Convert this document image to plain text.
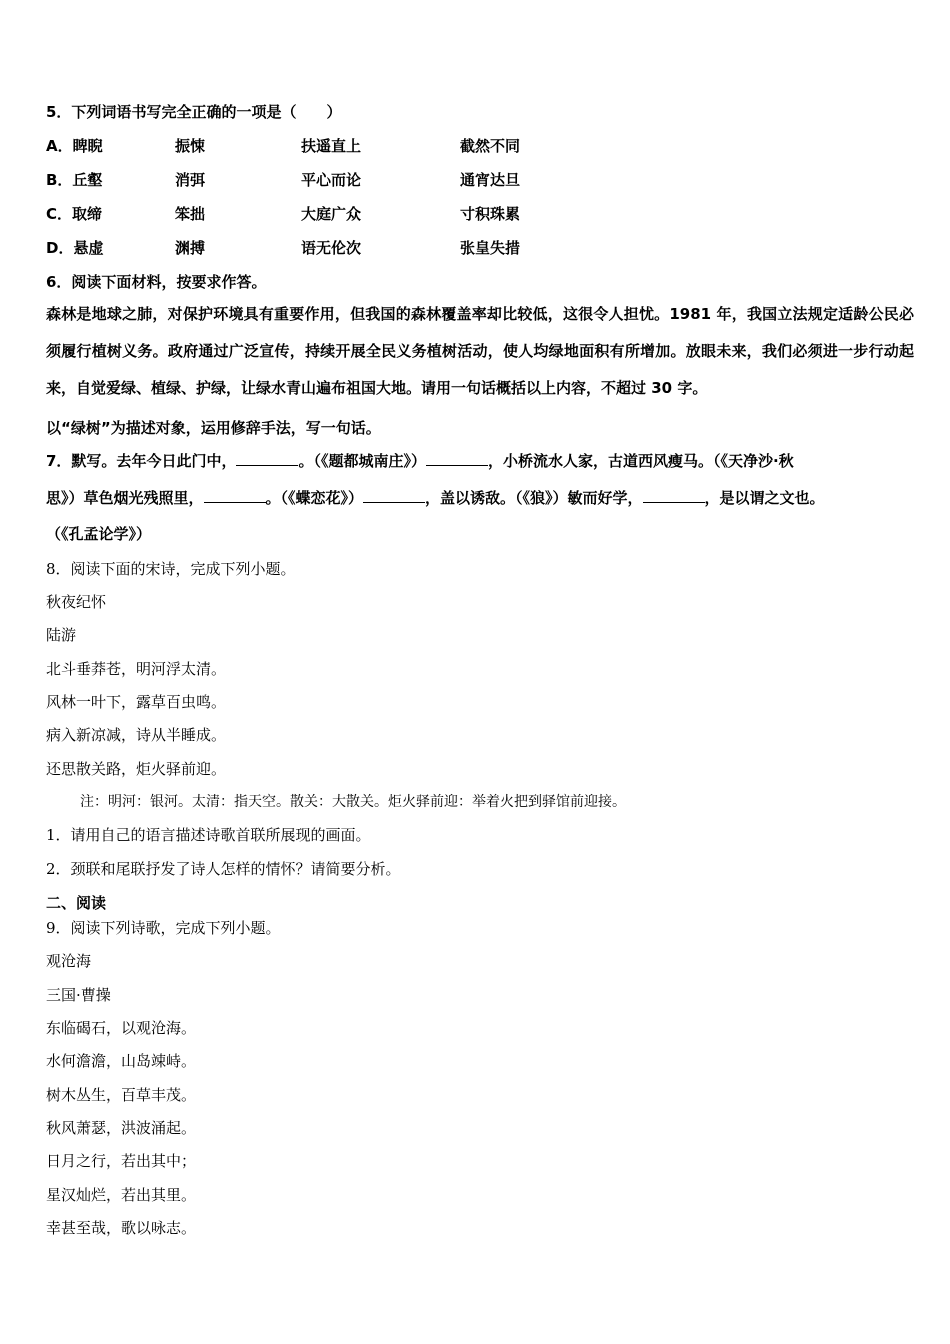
5．下列词语书写完全正确的一项是（　　）
A．睥睨	振悚	扶遥直上	截然不同
B．丘壑	消弭	平心而论	通宵达旦
C．取缔	笨拙	大庭广众	寸积珠累
D．悬虚	渊搏	语无伦次	张皇失措
6．阅读下面材料，按要求作答。
森林是地球之肺，对保护环境具有重要作用，但我国的森林覆盖率却比较低，这很令人担忧。1981 年，我国立法规定适龄公民必须履行植树义务。政府通过广泛宣传，持续开展全民义务植树活动，使人均绿地面积有所增加。放眼未来，我们必须进一步行动起来，自觉爱绿、植绿、护绿，让绿水青山遍布祖国大地。请用一句话概括以上内容，不超过 30 字。
以“绿树”为描述对象，运用修辞手法，写一句话。
7．默写。去年今日此门中，	。（《题都城南庄》）	，小桥流水人家，古道西风瘦马。（《天净沙·秋
思》）草色烟光残照里，	。（《蝶恋花》）	，盖以诱敌。（《狼》）敏而好学，	，是以谓之文也。
（《孔孟论学》）
8．阅读下面的宋诗，完成下列小题。
秋夜纪怀
陆游
北斗垂莽苍，明河浮太清。
风林一叶下，露草百虫鸣。
病入新凉减，诗从半睡成。
还思散关路，炬火驿前迎。
注：明河：银河。太清：指天空。散关：大散关。炬火驿前迎：举着火把到驿馆前迎接。
1．请用自己的语言描述诗歌首联所展现的画面。
2．颈联和尾联抒发了诗人怎样的情怀？请简要分析。
二、阅读
9．阅读下列诗歌，完成下列小题。
观沧海
三国·曹操
东临碣石，以观沧海。
水何澹澹，山岛竦峙。
树木丛生，百草丰茂。
秋风萧瑟，洪波涌起。
日月之行，若出其中；
星汉灿烂，若出其里。
幸甚至哉，歌以咏志。
